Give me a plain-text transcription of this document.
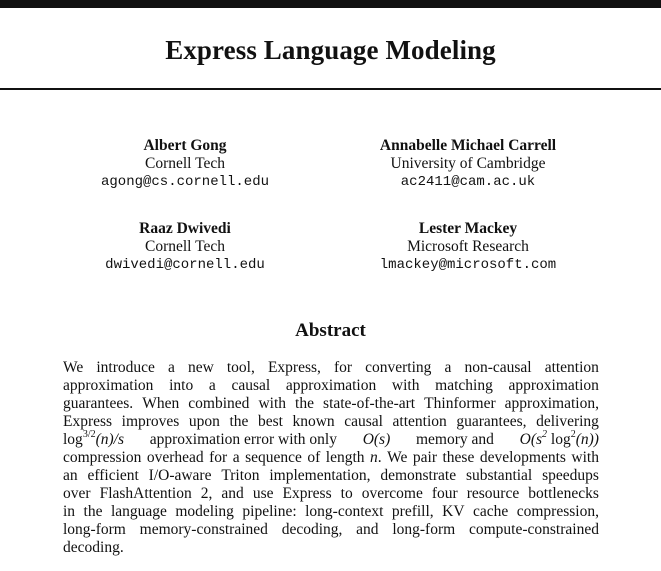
Express Language Modeling
Albert Gong
Cornell Tech
agong@cs.cornell.edu
Annabelle Michael Carrell
University of Cambridge
ac2411@cam.ac.uk
Raaz Dwivedi
Cornell Tech
dwivedi@cornell.edu
Lester Mackey
Microsoft Research
lmackey@microsoft.com
Abstract
We introduce a new tool, Express, for converting a non-causal attention
approximation into a causal approximation with matching approximation
guarantees. When combined with the state-of-the-art Thinformer approximation,
Express improves upon the best known causal attention guarantees, delivering
$\log^{3/2}(n)/s$ approximation error with only O(s) memory and $O(s^2$ $\log^2(n)$)
compression overhead for a sequence of length n. We pair these developments with
an efficient I/O-aware Triton implementation, demonstrate substantial speedups
over FlashAttention 2, and use Express to overcome four resource bottlenecks
in the language modeling pipeline: long-context prefill, KV cache compression,
long-form memory-constrained decoding, and long-form compute-constrained
decoding.
